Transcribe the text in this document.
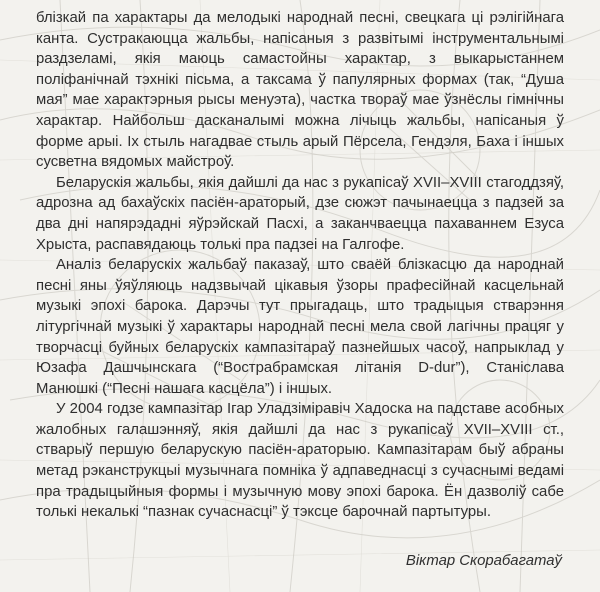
блізкай па характары да мелодыкі народнай песні, свецкага ці рэлігійнага канта. Сустракаюцца жальбы, напісаныя з развітымі інструментальнымі раздзеламі, якія маюць самастойны характар, з выкарыстаннем поліфанічнай тэхнікі пісьма, а таксама ў папулярных формах (так, “Душа мая” мае характэрныя рысы менуэта), частка твораў мае ўзнёслы гімнічны характар. Найбольш дасканалымі можна лічыць жальбы, напісаныя ў форме арыі. Іх стыль нагадвае стыль арый Пёрсела, Гендэля, Баха і іншых сусветна вядомых майстроў.

Беларускія жальбы, якія дайшлі да нас з рукапісаў XVII–XVIII стагоддзяў, адрозна ад бахаўскіх пасіён-араторый, дзе сюжэт пачынаецца з падзей за два дні напярэдадні яўрэйскай Пасхі, а заканчваецца пахаваннем Езуса Хрыста, распавядаюць толькі пра падзеі на Галгофе.

Аналіз беларускіх жальбаў паказаў, што сваёй блізкасцю да народнай песні яны ўяўляюць надзвычай цікавыя ўзоры прафесійнай касцельнай музыкі эпохі барока. Дарэчы тут прыгадаць, што традыцыя стварэння літургічнай музыкі ў характары народнай песні мела свой лагічны працяг у творчасці буйных беларускіх кампазітараў пазнейшых часоў, напрыклад у Юзафа Дашчынскага (“Вострабрамская літанія D-dur”), Станіслава Манюшкі (“Песні нашага касцёла”) і іншых.

У 2004 годзе кампазітар Ігар Уладзіміравіч Хадоска на падставе асобных жалобных галашэнняў, якія дайшлі да нас з рукапісаў XVII–XVIII ст., стварыў першую беларускую пасіён-араторыю. Кампазітарам быў абраны метад рэканструкцыі музычнага помніка ў адпаведнасці з сучаснымі ведамі пра традыцыйныя формы і музычную мову эпохі барока. Ён дазволіў сабе толькі некалькі “пазнак сучаснасці” ў тэксце барочнай партытуры.

Віктар Скорабагатаў
